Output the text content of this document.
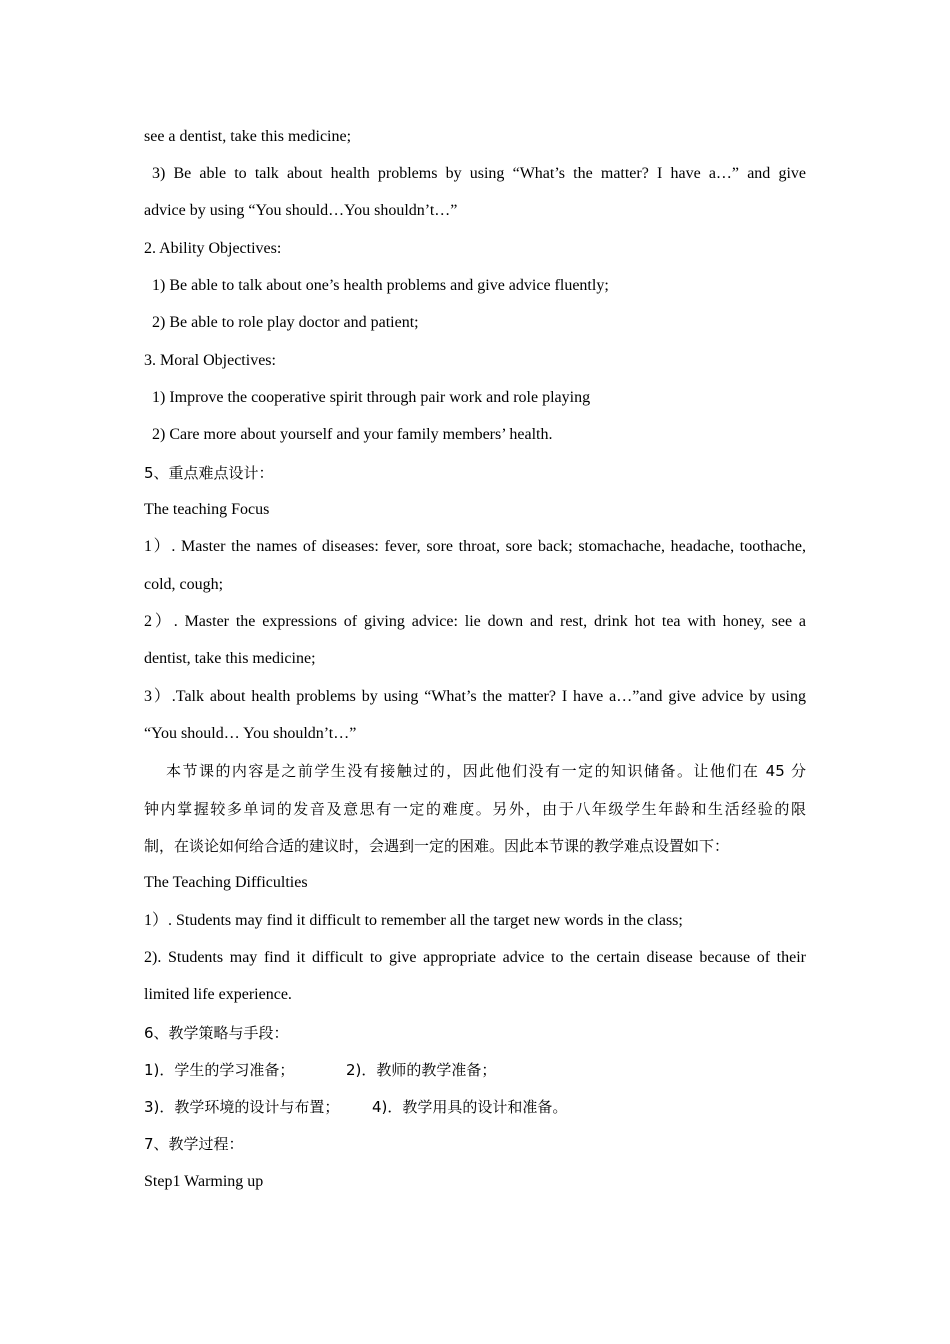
see a dentist, take this medicine;
3) Be able to talk about health problems by using “What’s the matter? I have a…” and give
advice by using “You should…You shouldn’t…”
2. Ability Objectives:
1) Be able to talk about one’s health problems and give advice fluently;
2) Be able to role play doctor and patient;
3. Moral Objectives:
1) Improve the cooperative spirit through pair work and role playing
2) Care more about yourself and your family members’ health.
5、重点难点设计：
The teaching Focus
1）. Master the names of diseases: fever, sore throat, sore back; stomachache, headache, toothache,
cold, cough;
2）. Master the expressions of giving advice: lie down and rest, drink hot tea with honey, see a
dentist, take this medicine;
3）.Talk about health problems by using “What’s the matter? I have a…”and give advice by using
“You should… You shouldn’t…”
本节课的内容是之前学生没有接触过的，因此他们没有一定的知识储备。让他们在 45 分
钟内掌握较多单词的发音及意思有一定的难度。另外，由于八年级学生年龄和生活经验的限
制，在谈论如何给合适的建议时，会遇到一定的困难。因此本节课的教学难点设置如下：
The Teaching Difficulties
1）. Students may find it difficult to remember all the target new words in the class;
2). Students may find it difficult to give appropriate advice to the certain disease because of their
limited life experience.
6、教学策略与手段：
1)．学生的学习准备；	2)．教师的教学准备；
3)．教学环境的设计与布置； 4)．教学用具的设计和准备。
7、教学过程：
Step1 Warming up
